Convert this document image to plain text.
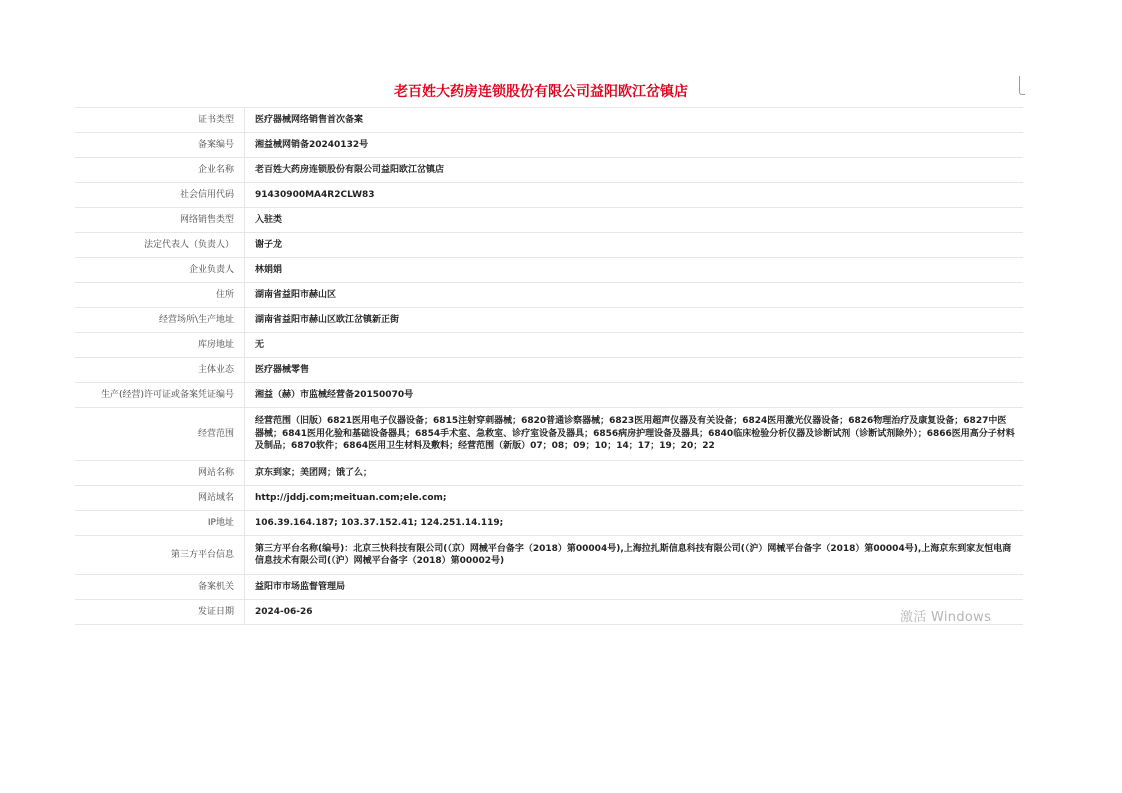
老百姓大药房连锁股份有限公司益阳欧江岔镇店
证书类型	医疗器械网络销售首次备案
备案编号	湘益械网销备20240132号
企业名称	老百姓大药房连锁股份有限公司益阳欧江岔镇店
社会信用代码	91430900MA4R2CLW83
网络销售类型	入驻类
法定代表人（负责人）	谢子龙
企业负责人	林娟娟
住所	湖南省益阳市赫山区
经营场所\生产地址	湖南省益阳市赫山区欧江岔镇新正街
库房地址	无
主体业态	医疗器械零售
生产(经营)许可证或备案凭证编号	湘益（赫）市监械经营备20150070号
经营范围	经营范围（旧版）6821医用电子仪器设备；6815注射穿刺器械；6820普通诊察器械；6823医用超声仪器及有关设备；6824医用激光仪器设备；6826物理治疗及康复设备；6827中医器械；6841医用化验和基础设备器具；6854手术室、急救室、诊疗室设备及器具；6856病房护理设备及器具；6840临床检验分析仪器及诊断试剂（诊断试剂除外）；6866医用高分子材料及制品；6870软件；6864医用卫生材料及敷料；经营范围（新版）07；08；09；10；14；17；19；20；22
网站名称	京东到家；美团网；饿了么；
网站域名	http://jddj.com;meituan.com;ele.com;
IP地址	106.39.164.187; 103.37.152.41; 124.251.14.119;
第三方平台信息	第三方平台名称(编号)：北京三快科技有限公司(（京）网械平台备字（2018）第00004号),上海拉扎斯信息科技有限公司(（沪）网械平台备字（2018）第00004号),上海京东到家友恒电商信息技术有限公司(（沪）网械平台备字（2018）第00002号)
备案机关	益阳市市场监督管理局
发证日期	2024-06-26	激活 Windows
